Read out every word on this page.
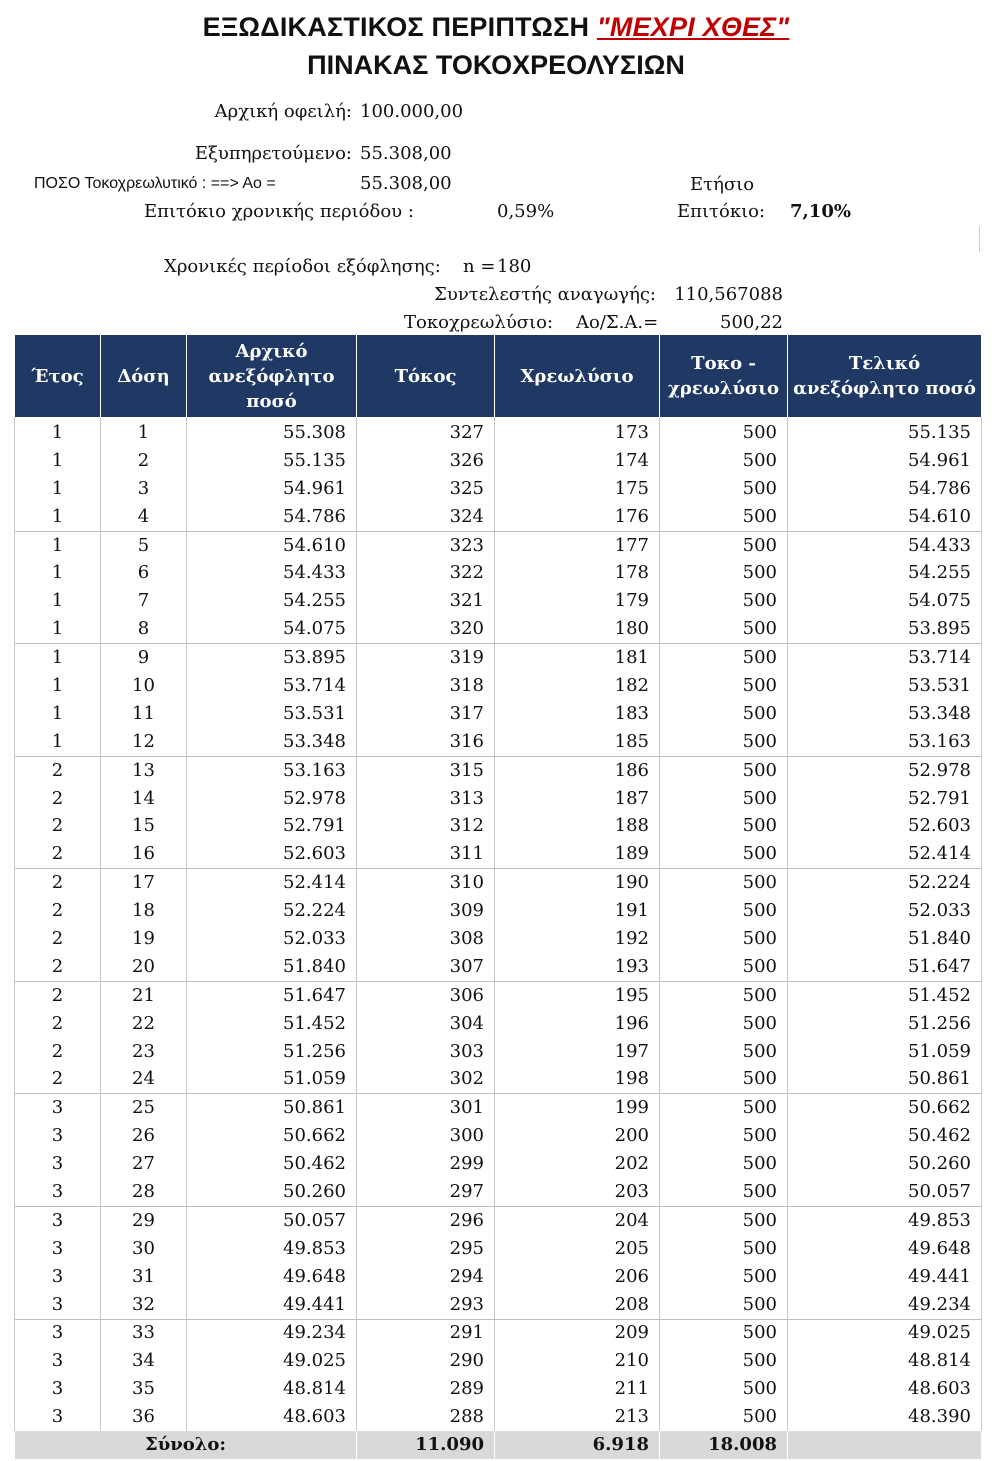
ΕΞΩΔΙΚΑΣΤΙΚΟΣ ΠΕΡΙΠΤΩΣΗ "ΜΕΧΡΙ ΧΘΕΣ"
ΠΙΝΑΚΑΣ ΤΟΚΟΧΡΕΟΛΥΣΙΩΝ
Αρχική οφειλή: 100.000,00
Εξυπηρετούμενο: 55.308,00
ΠΟΣΟ Τοκοχρεωλυτικό : ==> Αο =	55.308,00	Ετήσιο
Επιτόκιο χρονικής περιόδου :	0,59%	Επιτόκιο: 7,10%
Χρονικές περίοδοι εξόφλησης: n = 180
Συντελεστής αναγωγής: 110,567088
Τοκοχρεωλύσιο: Αο/Σ.Α.=	500,22
Έτος	Δόση	Αρχικό ανεξόφλητο ποσό	Τόκος	Χρεωλύσιο	Τοκο - χρεωλύσιο	Τελικό ανεξόφλητο ποσό
1	1	55.308	327	173	500	55.135
1	2	55.135	326	174	500	54.961
1	3	54.961	325	175	500	54.786
1	4	54.786	324	176	500	54.610
1	5	54.610	323	177	500	54.433
1	6	54.433	322	178	500	54.255
1	7	54.255	321	179	500	54.075
1	8	54.075	320	180	500	53.895
1	9	53.895	319	181	500	53.714
1	10	53.714	318	182	500	53.531
1	11	53.531	317	183	500	53.348
1	12	53.348	316	185	500	53.163
2	13	53.163	315	186	500	52.978
2	14	52.978	313	187	500	52.791
2	15	52.791	312	188	500	52.603
2	16	52.603	311	189	500	52.414
2	17	52.414	310	190	500	52.224
2	18	52.224	309	191	500	52.033
2	19	52.033	308	192	500	51.840
2	20	51.840	307	193	500	51.647
2	21	51.647	306	195	500	51.452
2	22	51.452	304	196	500	51.256
2	23	51.256	303	197	500	51.059
2	24	51.059	302	198	500	50.861
3	25	50.861	301	199	500	50.662
3	26	50.662	300	200	500	50.462
3	27	50.462	299	202	500	50.260
3	28	50.260	297	203	500	50.057
3	29	50.057	296	204	500	49.853
3	30	49.853	295	205	500	49.648
3	31	49.648	294	206	500	49.441
3	32	49.441	293	208	500	49.234
3	33	49.234	291	209	500	49.025
3	34	49.025	290	210	500	48.814
3	35	48.814	289	211	500	48.603
3	36	48.603	288	213	500	48.390
Σύνολο:			11.090	6.918	18.008	
